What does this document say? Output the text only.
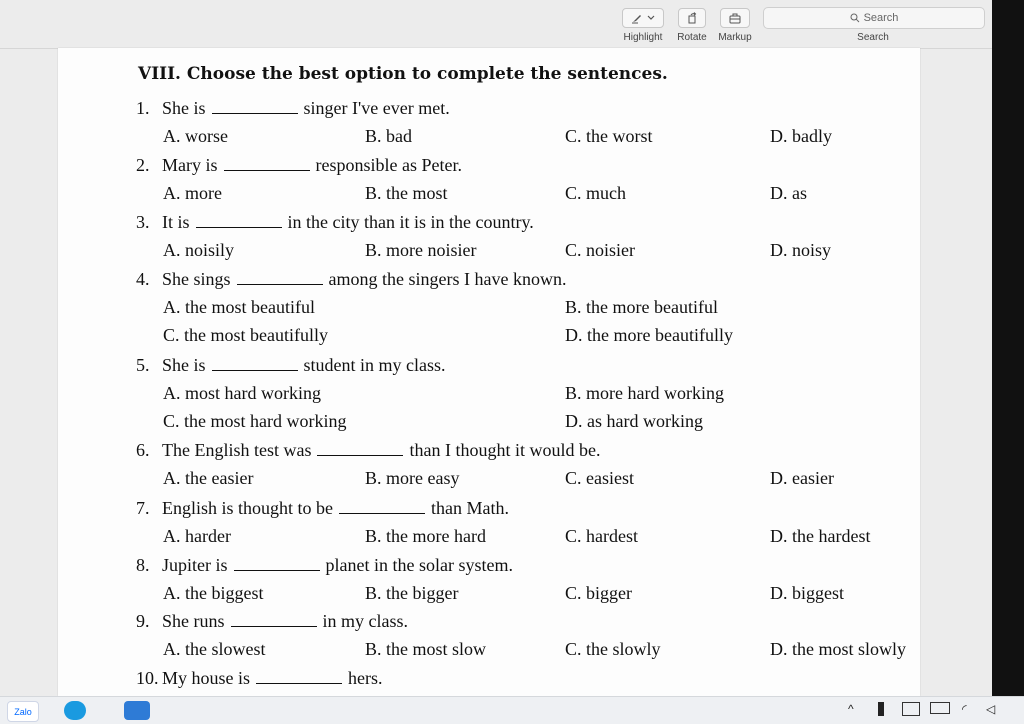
Highlight	Rotate	Markup
Search
Search
VIII. Choose the best option to complete the sentences.
1. She is	singer I've ever met.
A. worse	B. bad	C. the worst	D. badly
2. Mary is	responsible as Peter.
A. more	B. the most	C. much	D. as
3. It is	in the city than it is in the country.
A. noisily	B. more noisier	C. noisier	D. noisy
4. She sings	among the singers I have known.
A. the most beautiful	B. the more beautiful
C. the most beautifully	D. the more beautifully
5. She is	student in my class.
A. most hard working	B. more hard working
C. the most hard working	D. as hard working
6. The English test was	than I thought it would be.
A. the easier	B. more easy	C. easiest	D. easier
7. English is thought to be	than Math.
A. harder	B. the more hard	C. hardest	D. the hardest
8. Jupiter is	planet in the solar system.
A. the biggest	B. the bigger	C. bigger	D. biggest
9. She runs	in my class.
A. the slowest	B. the most slow	C. the slowly	D. the most slowly
10. My house is	hers.
Zalo	^	◜ ◁
